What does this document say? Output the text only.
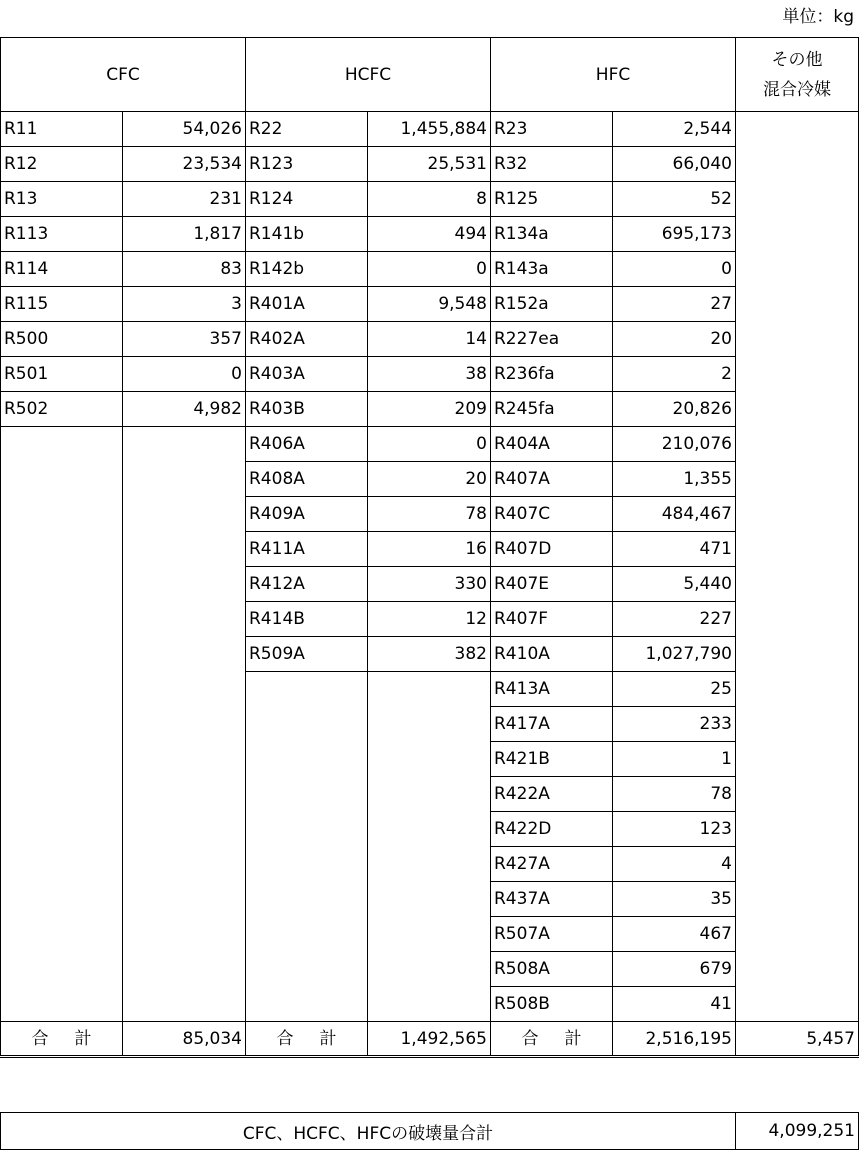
単位：kg
CFC		HCFC		HFC		その他
混合冷媒
R11	54,026	R22	1,455,884	R23	2,544	
R12	23,534	R123	25,531	R32	66,040	
R13	231	R124	8	R125	52	
R113	1,817	R141b	494	R134a	695,173	
R114	83	R142b	0	R143a	0	
R115	3	R401A	9,548	R152a	27	
R500	357	R402A	14	R227ea	20	
R501	0	R403A	38	R236fa	2	
R502	4,982	R403B	209	R245fa	20,826	
		R406A	0	R404A	210,076	
		R408A	20	R407A	1,355	
		R409A	78	R407C	484,467	
		R411A	16	R407D	471	
		R412A	330	R407E	5,440	
		R414B	12	R407F	227	
		R509A	382	R410A	1,027,790	
				R413A	25	
				R417A	233	
				R421B	1	
				R422A	78	
				R422D	123	
				R427A	4	
				R437A	35	
				R507A	467	
				R508A	679	
				R508B	41	
合 計	85,034	合 計	1,492,565	合 計	2,516,195	5,457
CFC、HCFC、HFCの破壊量合計	4,099,251
